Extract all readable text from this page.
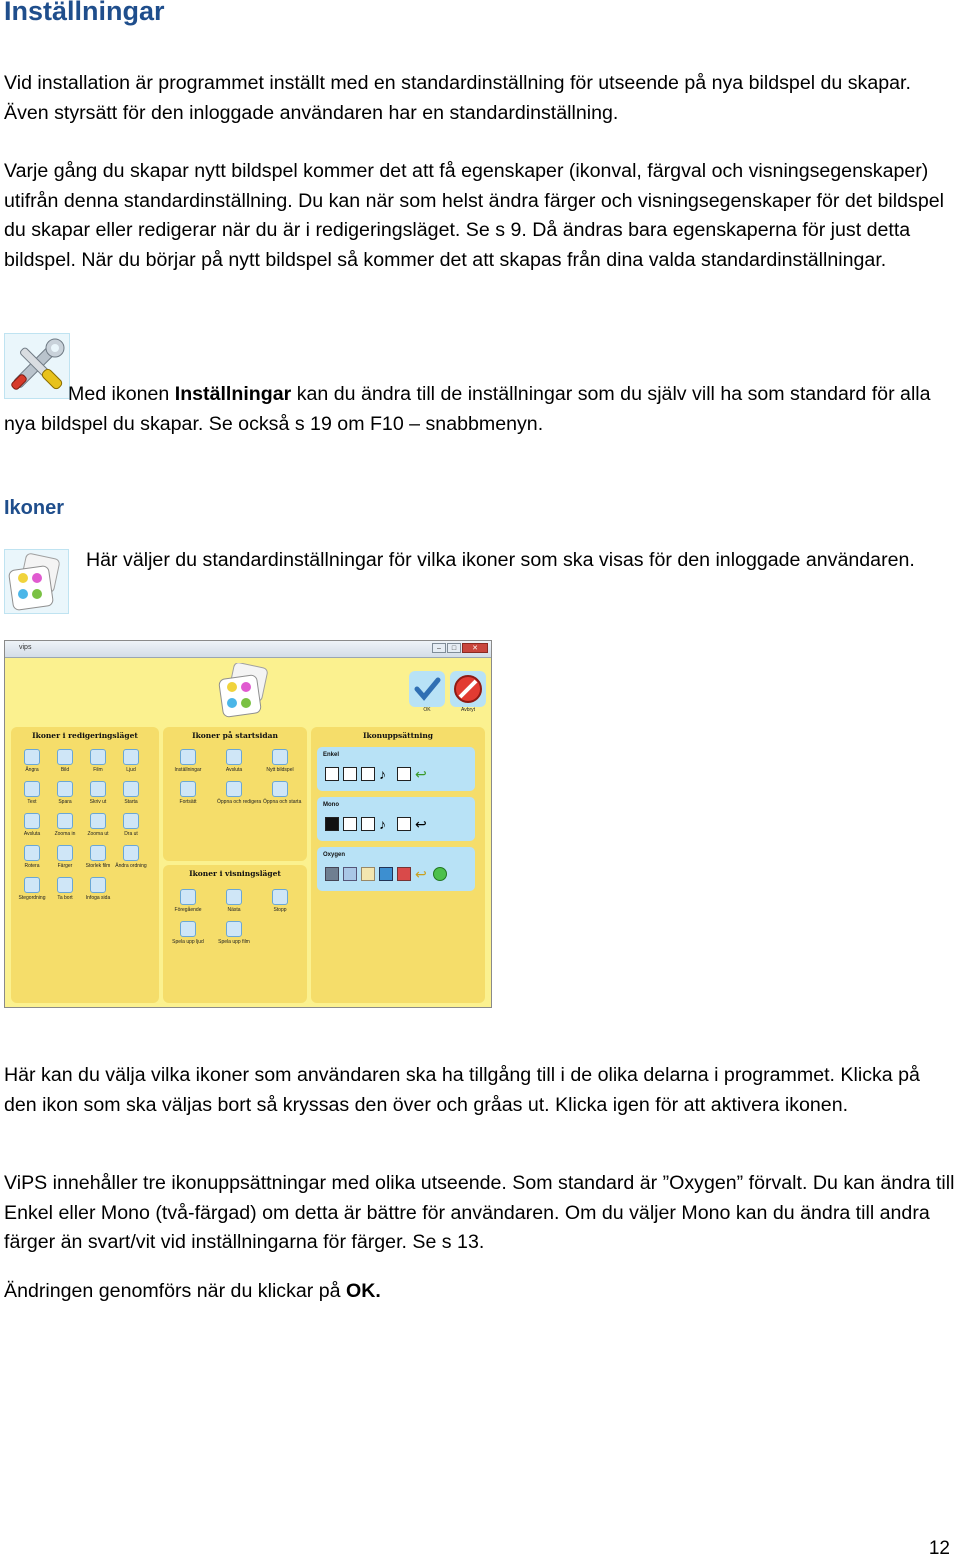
Inställningar

Vid installation är programmet inställt med en standardinställning för utseende på nya bildspel du skapar. Även styrsätt för den inloggade användaren har en standardinställning.

Varje gång du skapar nytt bildspel kommer det att få egenskaper (ikonval, färgval och visningsegenskaper) utifrån denna standardinställning. Du kan när som helst ändra färger och visningsegenskaper för det bildspel du skapar eller redigerar när du är i redigeringsläget. Se s 9. Då ändras bara egenskaperna för just detta bildspel. När du börjar på nytt bildspel så kommer det att skapas från dina valda standardinställningar.

Med ikonen Inställningar kan du ändra till de inställningar som du själv vill ha som standard för alla nya bildspel du skapar. Se också s 19 om F10 – snabbmenyn.

Ikoner

Här väljer du standardinställningar för vilka ikoner som ska visas för den inloggade användaren.

vips	–	□	✕
OK	Avbryt
Ikoner i redigeringsläget
Ångra	Bild	Film	Ljud
Text	Spara	Skriv ut	Starta
Avsluta	Zooma in	Zooma ut	Dra ut
Rotera	Färger	Storlek film Ändra ordning
Stegordning	Ta bort	Infoga sida
Ikoner på startsidan
Inställningar	Avsluta	Nytt bildspel
Fortsätt	Öppna och redigera Öppna och starta
Ikoner i visningsläget
Föregående	Nästa	Stopp
Spela upp ljud	Spela upp film
Ikonuppsättning
Enkel
♪	↩
Mono
♪	↩
Oxygen
↩

Här kan du välja vilka ikoner som användaren ska ha tillgång till i de olika delarna i programmet. Klicka på den ikon som ska väljas bort så kryssas den över och gråas ut. Klicka igen för att aktivera ikonen.

ViPS innehåller tre ikonuppsättningar med olika utseende. Som standard är ”Oxygen” förvalt. Du kan ändra till Enkel eller Mono (två-färgad) om detta är bättre för användaren. Om du väljer Mono kan du ändra till andra färger än svart/vit vid inställningarna för färger. Se s 13.

Ändringen genomförs när du klickar på OK.

12
